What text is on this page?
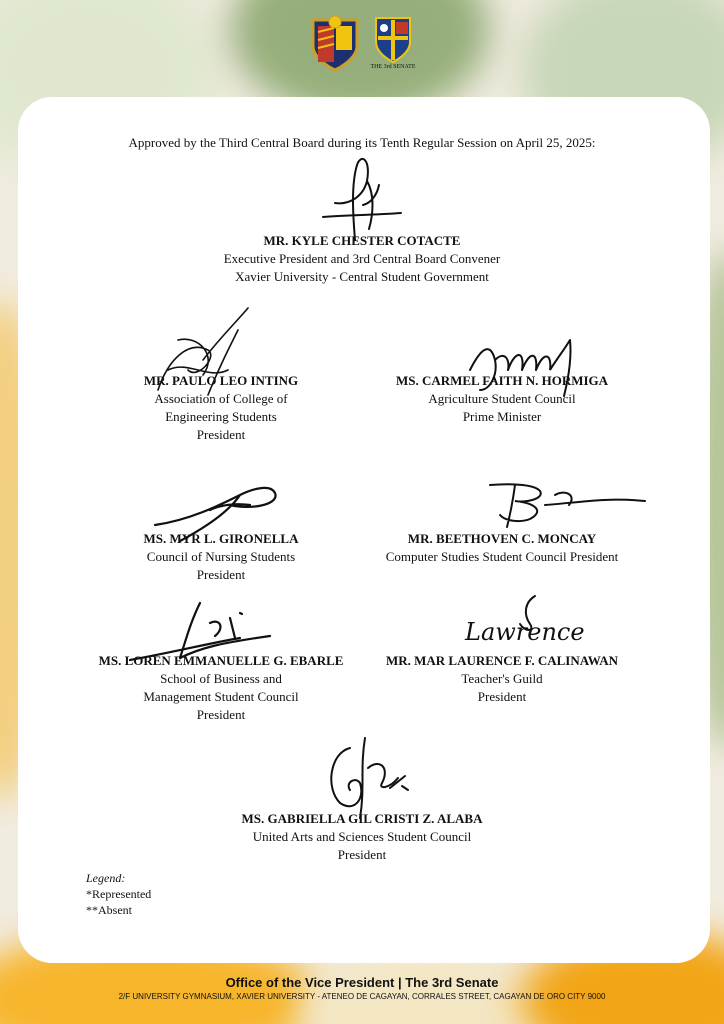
THE 3rd SENATE
Approved by the Third Central Board during its Tenth Regular Session on April 25, 2025:
Lawrence
MR. KYLE CHESTER COTACTE
Executive President and 3rd Central Board Convener
Xavier University - Central Student Government
MR. PAULO LEO INTING
Association of College of
Engineering Students
President
MS. CARMEL FAITH N. HORMIGA
Agriculture Student Council
Prime Minister
MS. MYR L. GIRONELLA
Council of Nursing Students
President
MR. BEETHOVEN C. MONCAY
Computer Studies Student Council President
MS. LOREN EMMANUELLE G. EBARLE
School of Business and
Management Student Council
President
MR. MAR LAURENCE F. CALINAWAN
Teacher's Guild
President
MS. GABRIELLA GIL CRISTI Z. ALABA
United Arts and Sciences Student Council
President
Legend:
*Represented
**Absent
Office of the Vice President | The 3rd Senate
2/F UNIVERSITY GYMNASIUM, XAVIER UNIVERSITY - ATENEO DE CAGAYAN, CORRALES STREET, CAGAYAN DE ORO CITY 9000
